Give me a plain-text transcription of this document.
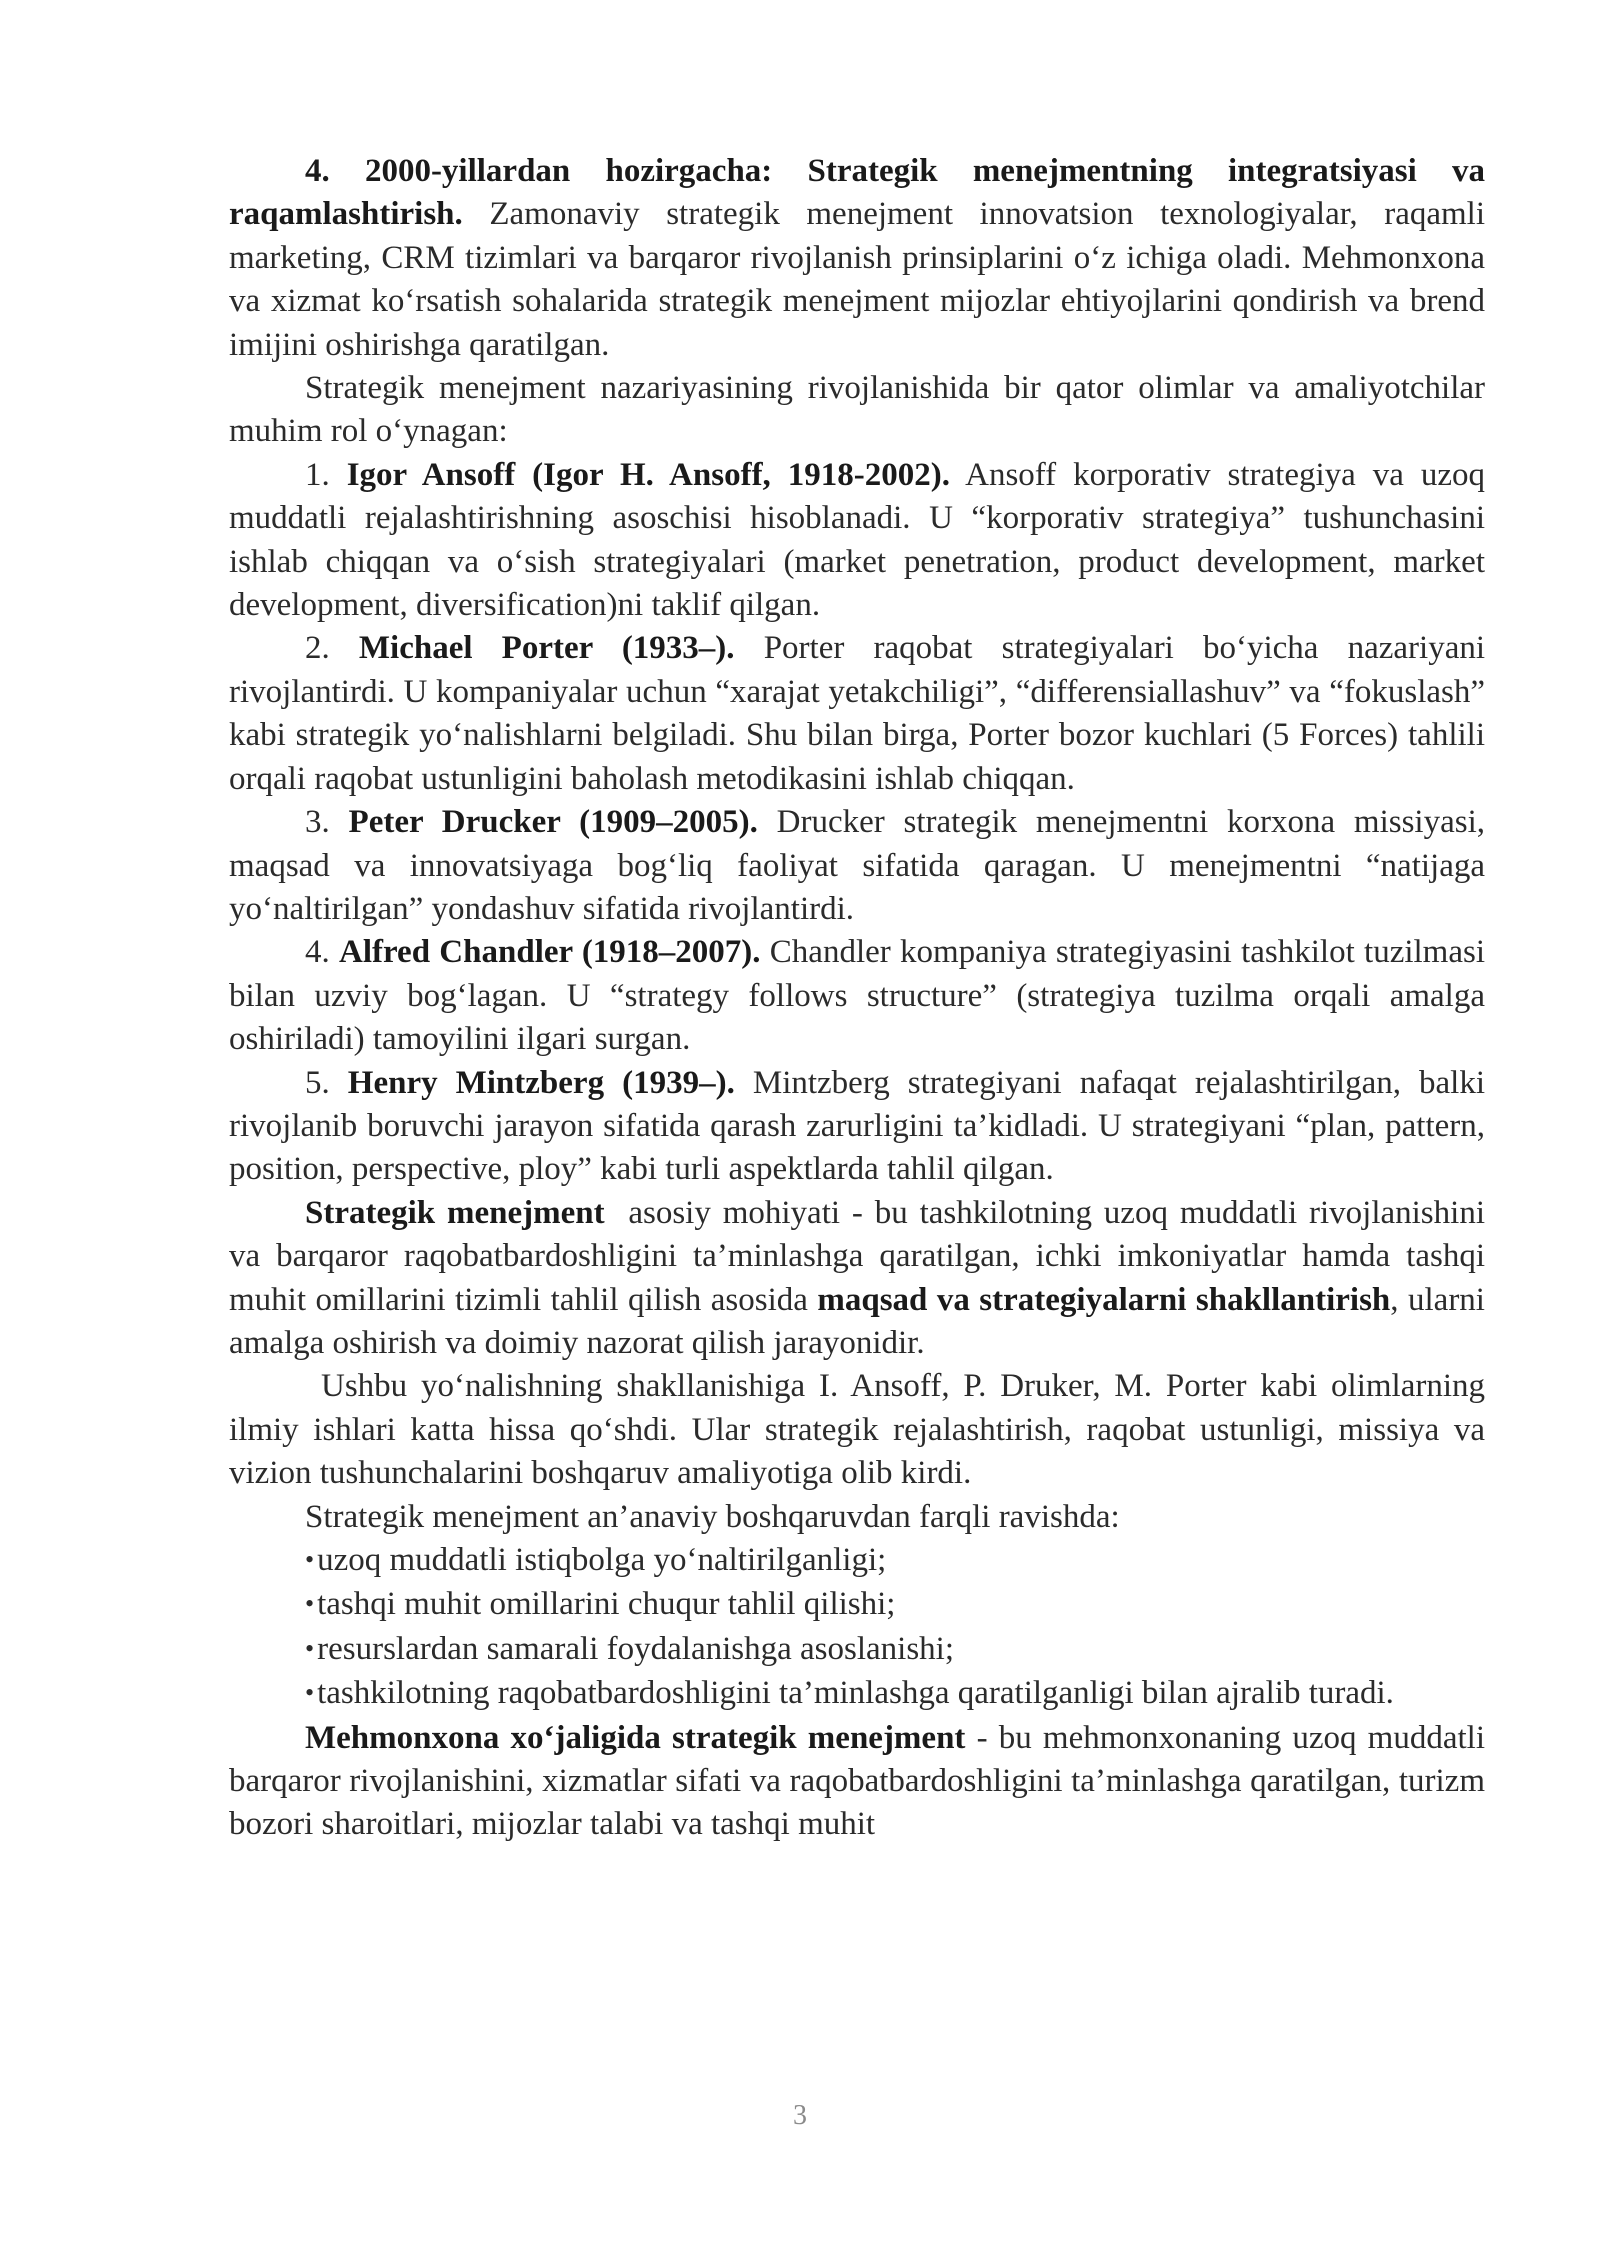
4. 2000-yillardan hozirgacha: Strategik menejmentning integratsiyasi va raqamlashtirish. Zamonaviy strategik menejment innovatsion texnologiyalar, raqamli marketing, CRM tizimlari va barqaror rivojlanish prinsiplarini o‘z ichiga oladi. Mehmonxona va xizmat ko‘rsatish sohalarida strategik menejment mijozlar ehtiyojlarini qondirish va brend imijini oshirishga qaratilgan.

Strategik menejment nazariyasining rivojlanishida bir qator olimlar va amaliyotchilar muhim rol o‘ynagan:

1. Igor Ansoff (Igor H. Ansoff, 1918-2002). Ansoff korporativ strategiya va uzoq muddatli rejalashtirishning asoschisi hisoblanadi. U “korporativ strategiya” tushunchasini ishlab chiqqan va o‘sish strategiyalari (market penetration, product development, market development, diversification)ni taklif qilgan.

2. Michael Porter (1933–). Porter raqobat strategiyalari bo‘yicha nazariyani rivojlantirdi. U kompaniyalar uchun “xarajat yetakchiligi”, “differensiallashuv” va “fokuslash” kabi strategik yo‘nalishlarni belgiladi. Shu bilan birga, Porter bozor kuchlari (5 Forces) tahlili orqali raqobat ustunligini baholash metodikasini ishlab chiqqan.

3. Peter Drucker (1909–2005). Drucker strategik menejmentni korxona missiyasi, maqsad va innovatsiyaga bog‘liq faoliyat sifatida qaragan. U menejmentni “natijaga yo‘naltirilgan” yondashuv sifatida rivojlantirdi.

4. Alfred Chandler (1918–2007). Chandler kompaniya strategiyasini tashkilot tuzilmasi bilan uzviy bog‘lagan. U “strategy follows structure” (strategiya tuzilma orqali amalga oshiriladi) tamoyilini ilgari surgan.

5. Henry Mintzberg (1939–). Mintzberg strategiyani nafaqat rejalashtirilgan, balki rivojlanib boruvchi jarayon sifatida qarash zarurligini ta’kidladi. U strategiyani “plan, pattern, position, perspective, ploy” kabi turli aspektlarda tahlil qilgan.

Strategik menejment  asosiy mohiyati - bu tashkilotning uzoq muddatli rivojlanishini va barqaror raqobatbardoshligini ta’minlashga qaratilgan, ichki imkoniyatlar hamda tashqi muhit omillarini tizimli tahlil qilish asosida maqsad va strategiyalarni shakllantirish, ularni amalga oshirish va doimiy nazorat qilish jarayonidir.

Ushbu yo‘nalishning shakllanishiga I. Ansoff, P. Druker, M. Porter kabi olimlarning ilmiy ishlari katta hissa qo‘shdi. Ular strategik rejalashtirish, raqobat ustunligi, missiya va vizion tushunchalarini boshqaruv amaliyotiga olib kirdi.

Strategik menejment an’anaviy boshqaruvdan farqli ravishda:

•uzoq muddatli istiqbolga yo‘naltirilganligi;

•tashqi muhit omillarini chuqur tahlil qilishi;

•resurslardan samarali foydalanishga asoslanishi;

•tashkilotning raqobatbardoshligini ta’minlashga qaratilganligi bilan ajralib turadi.

Mehmonxona xo‘jaligida strategik menejment - bu mehmonxonaning uzoq muddatli barqaror rivojlanishini, xizmatlar sifati va raqobatbardoshligini ta’minlashga qaratilgan, turizm bozori sharoitlari, mijozlar talabi va tashqi muhit

3
